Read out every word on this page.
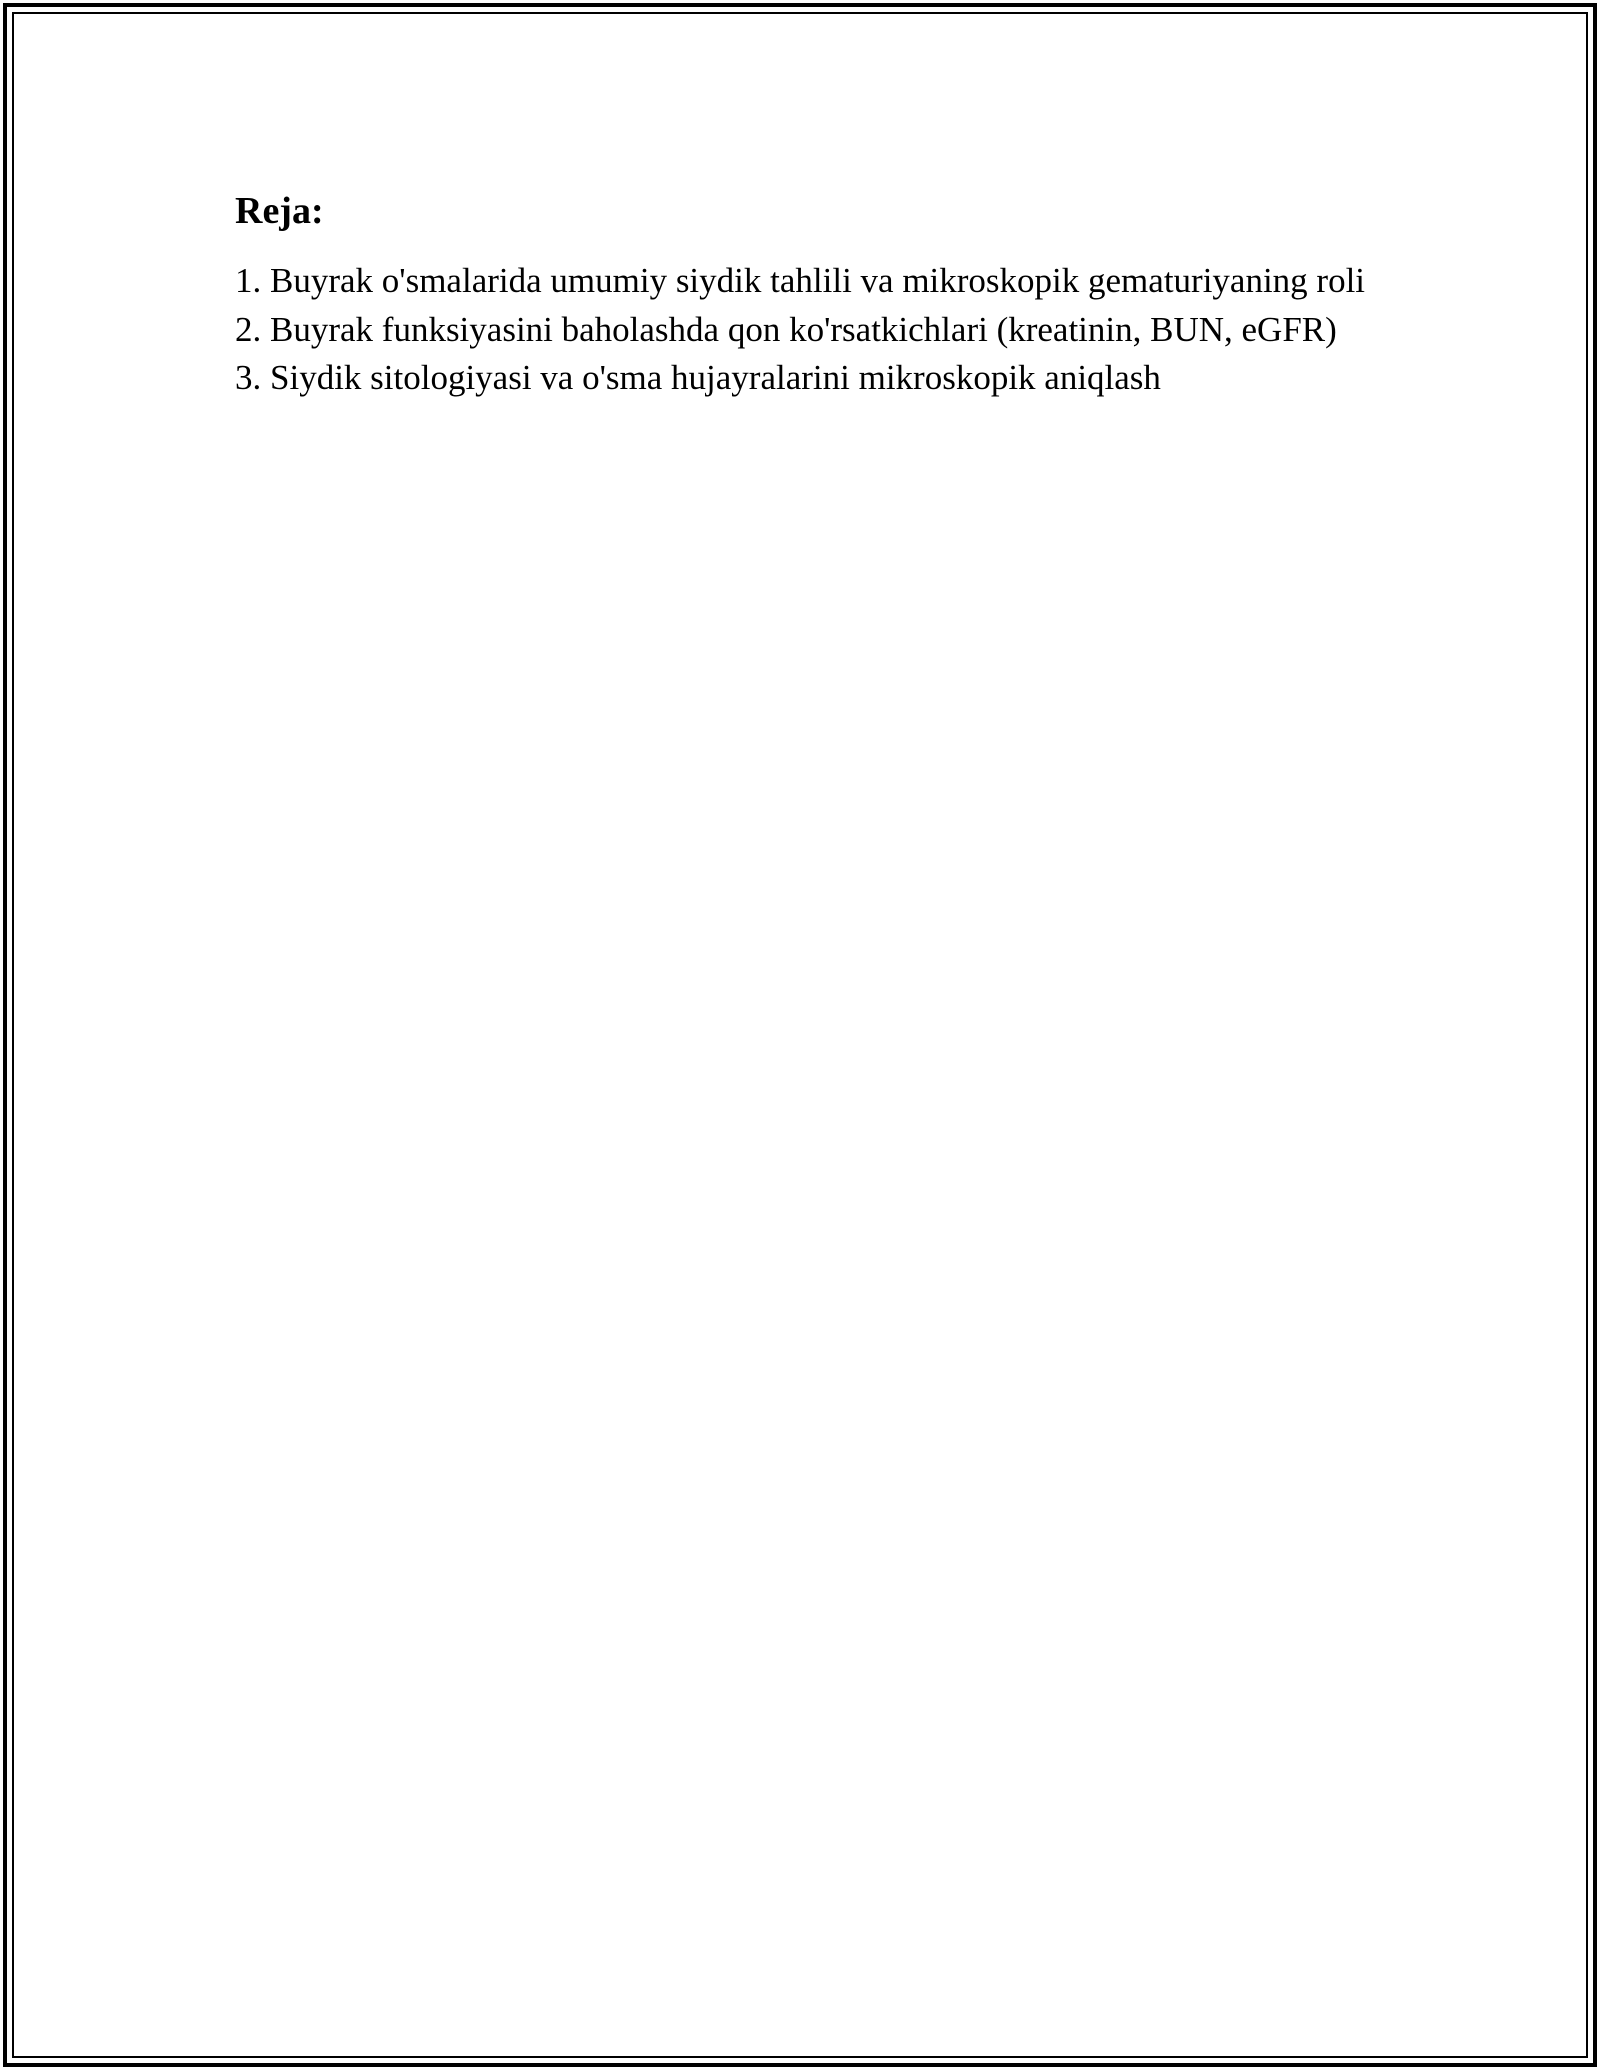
Reja:
1. Buyrak o'smalarida umumiy siydik tahlili va mikroskopik gematuriyaning roli
2. Buyrak funksiyasini baholashda qon ko'rsatkichlari (kreatinin, BUN, eGFR)
3. Siydik sitologiyasi va o'sma hujayralarini mikroskopik aniqlash
